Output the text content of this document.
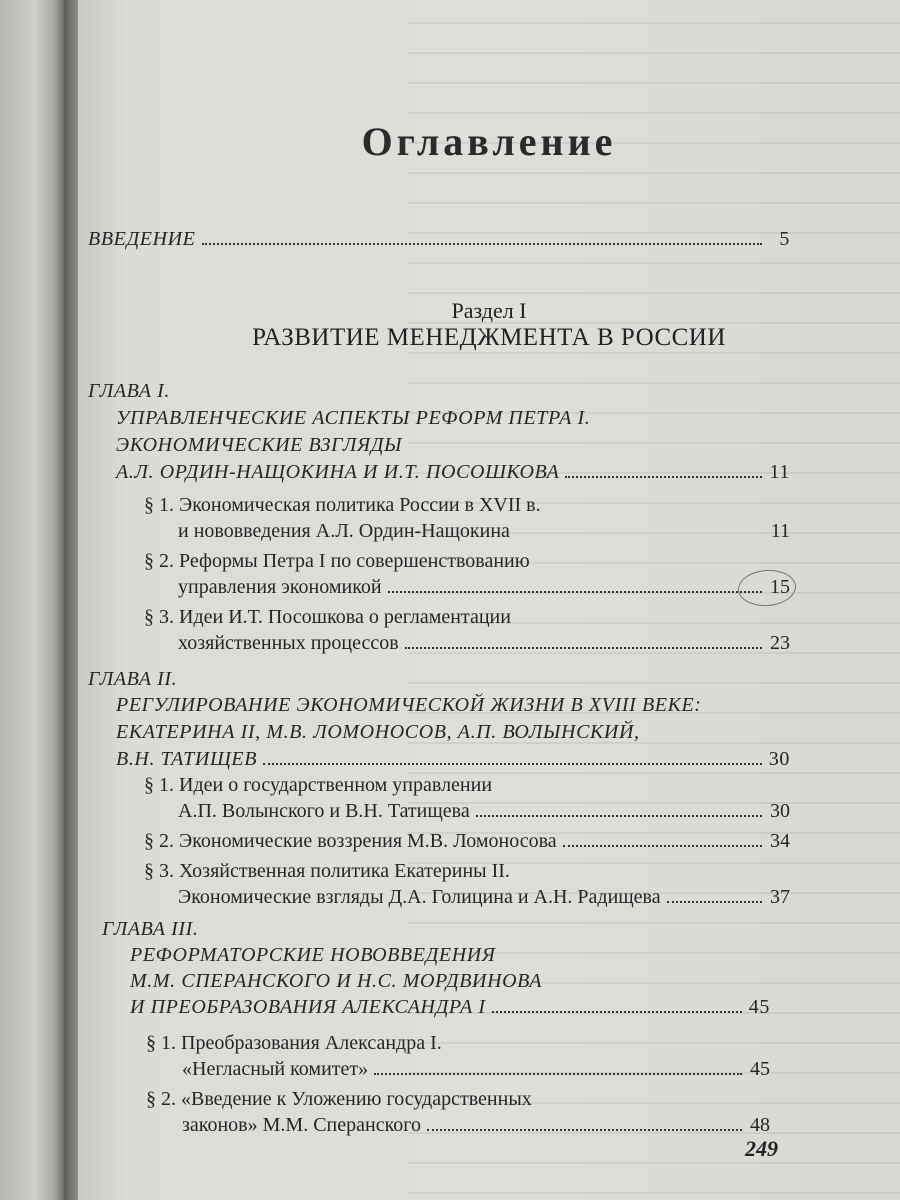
Оглавление
ВВЕДЕНИЕ	5
Раздел I
РАЗВИТИЕ МЕНЕДЖМЕНТА В РОССИИ
ГЛАВА I.
УПРАВЛЕНЧЕСКИЕ АСПЕКТЫ РЕФОРМ ПЕТРА I.
ЭКОНОМИЧЕСКИЕ ВЗГЛЯДЫ
А.Л. ОРДИН-НАЩОКИНА И И.Т. ПОСОШКОВА	11
§ 1. Экономическая политика России в XVII в.
и нововведения А.Л. Ордин-Нащокина	11
§ 2. Реформы Петра I по совершенствованию
управления экономикой	15
§ 3. Идеи И.Т. Посошкова о регламентации
хозяйственных процессов	23
ГЛАВА II.
РЕГУЛИРОВАНИЕ ЭКОНОМИЧЕСКОЙ ЖИЗНИ В XVIII ВЕКЕ:
ЕКАТЕРИНА II, М.В. ЛОМОНОСОВ, А.П. ВОЛЫНСКИЙ,
В.Н. ТАТИЩЕВ	30
§ 1. Идеи о государственном управлении
А.П. Волынского и В.Н. Татищева	30
§ 2. Экономические воззрения М.В. Ломоносова	34
§ 3. Хозяйственная политика Екатерины II.
Экономические взгляды Д.А. Голицина и А.Н. Радищева	37
ГЛАВА III.
РЕФОРМАТОРСКИЕ НОВОВВЕДЕНИЯ
М.М. СПЕРАНСКОГО И Н.С. МОРДВИНОВА
И ПРЕОБРАЗОВАНИЯ АЛЕКСАНДРА I	45
§ 1. Преобразования Александра I.
«Негласный комитет»	45
§ 2. «Введение к Уложению государственных
законов» М.М. Сперанского	48
249
